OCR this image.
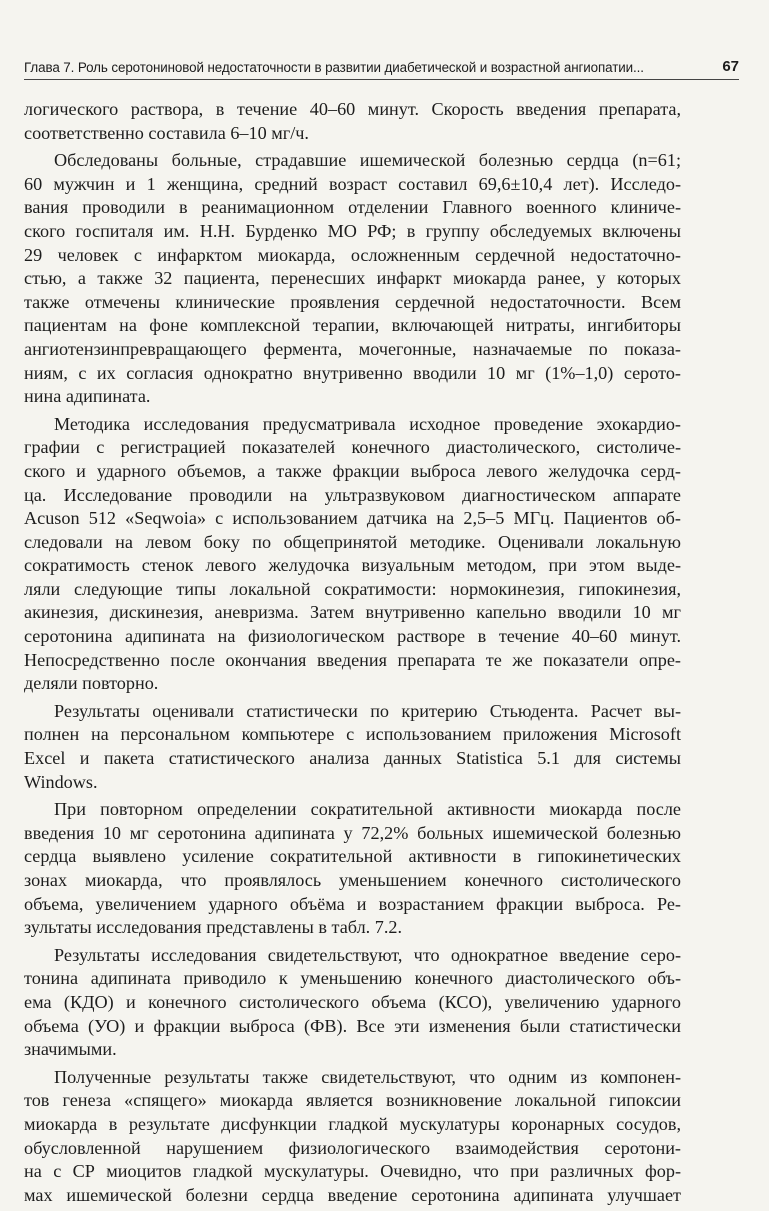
Глава 7. Роль серотониновой недостаточности в развитии диабетической и возрастной ангиопатии...	67
логического раствора, в течение 40–60 минут. Скорость введения препарата,
соответственно составила 6–10 мг/ч.
Обследованы больные, страдавшие ишемической болезнью сердца (n=61;
60 мужчин и 1 женщина, средний возраст составил 69,6±10,4 лет). Исследо-
вания проводили в реанимационном отделении Главного военного клиниче-
ского госпиталя им. Н.Н. Бурденко МО РФ; в группу обследуемых включены
29 человек с инфарктом миокарда, осложненным сердечной недостаточно-
стью, а также 32 пациента, перенесших инфаркт миокарда ранее, у которых
также отмечены клинические проявления сердечной недостаточности. Всем
пациентам на фоне комплексной терапии, включающей нитраты, ингибиторы
ангиотензинпревращающего фермента, мочегонные, назначаемые по показа-
ниям, с их согласия однократно внутривенно вводили 10 мг (1%–1,0) серото-
нина адипината.
Методика исследования предусматривала исходное проведение эхокардио-
графии с регистрацией показателей конечного диастолического, систоличе-
ского и ударного объемов, а также фракции выброса левого желудочка серд-
ца. Исследование проводили на ультразвуковом диагностическом аппарате
Acuson 512 «Seqwoia» с использованием датчика на 2,5–5 МГц. Пациентов об-
следовали на левом боку по общепринятой методике. Оценивали локальную
сократимость стенок левого желудочка визуальным методом, при этом выде-
ляли следующие типы локальной сократимости: нормокинезия, гипокинезия,
акинезия, дискинезия, аневризма. Затем внутривенно капельно вводили 10 мг
серотонина адипината на физиологическом растворе в течение 40–60 минут.
Непосредственно после окончания введения препарата те же показатели опре-
деляли повторно.
Результаты оценивали статистически по критерию Стьюдента. Расчет вы-
полнен на персональном компьютере с использованием приложения Microsoft
Excel и пакета статистического анализа данных Statistica 5.1 для системы
Windows.
При повторном определении сократительной активности миокарда после
введения 10 мг серотонина адипината у 72,2% больных ишемической болезнью
сердца выявлено усиление сократительной активности в гипокинетических
зонах миокарда, что проявлялось уменьшением конечного систолического
объема, увеличением ударного объёма и возрастанием фракции выброса. Ре-
зультаты исследования представлены в табл. 7.2.
Результаты исследования свидетельствуют, что однократное введение серо-
тонина адипината приводило к уменьшению конечного диастолического объ-
ема (КДО) и конечного систолического объема (КСО), увеличению ударного
объема (УО) и фракции выброса (ФВ). Все эти изменения были статистически
значимыми.
Полученные результаты также свидетельствуют, что одним из компонен-
тов генеза «спящего» миокарда является возникновение локальной гипоксии
миокарда в результате дисфункции гладкой мускулатуры коронарных сосудов,
обусловленной нарушением физиологического взаимодействия серотони-
на с СР миоцитов гладкой мускулатуры. Очевидно, что при различных фор-
мах ишемической болезни сердца введение серотонина адипината улучшает
